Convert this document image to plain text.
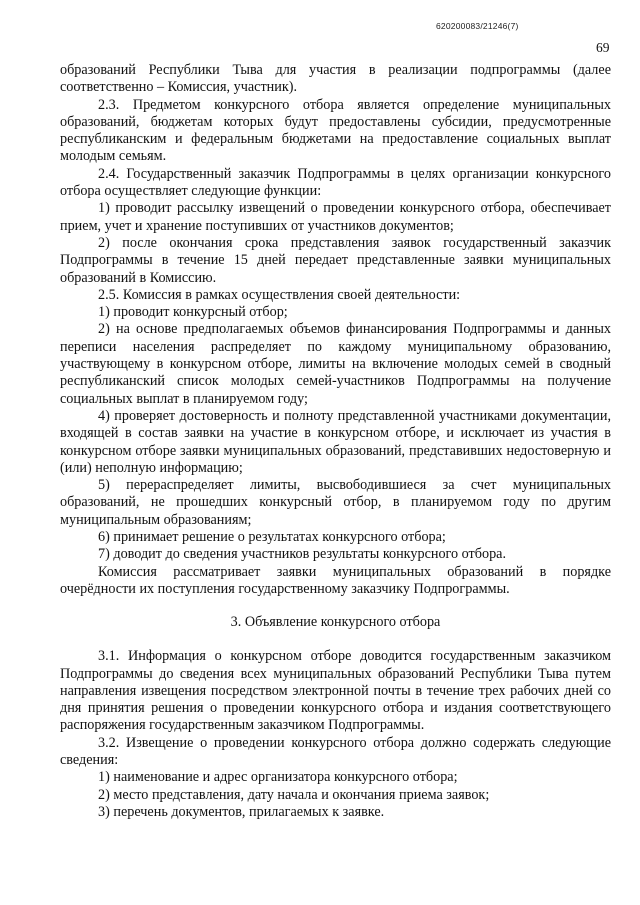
620200083/21246(7)
69

образований Республики Тыва для участия в реализации подпрограммы (далее соответственно – Комиссия, участник).

2.3. Предметом конкурсного отбора является определение муниципальных образований, бюджетам которых будут предоставлены субсидии, предусмотренные республиканским и федеральным бюджетами на предоставление социальных выплат молодым семьям.

2.4. Государственный заказчик Подпрограммы в целях организации конкурсного отбора осуществляет следующие функции:

1) проводит рассылку извещений о проведении конкурсного отбора, обеспечивает прием, учет и хранение поступивших от участников документов;

2) после окончания срока представления заявок государственный заказчик Подпрограммы в течение 15 дней передает представленные заявки муниципальных образований в Комиссию.

2.5. Комиссия в рамках осуществления своей деятельности:

1) проводит конкурсный отбор;

2) на основе предполагаемых объемов финансирования Подпрограммы и данных переписи населения распределяет по каждому муниципальному образованию, участвующему в конкурсном отборе, лимиты на включение молодых семей в сводный республиканский список молодых семей-участников Подпрограммы на получение социальных выплат в планируемом году;

4) проверяет достоверность и полноту представленной участниками документации, входящей в состав заявки на участие в конкурсном отборе, и исключает из участия в конкурсном отборе заявки муниципальных образований, представивших недостоверную и (или) неполную информацию;

5) перераспределяет лимиты, высвободившиеся за счет муниципальных образований, не прошедших конкурсный отбор, в планируемом году по другим муниципальным образованиям;

6) принимает решение о результатах конкурсного отбора;

7) доводит до сведения участников результаты конкурсного отбора.

Комиссия рассматривает заявки муниципальных образований в порядке очерёдности их поступления государственному заказчику Подпрограммы.

3. Объявление конкурсного отбора

3.1. Информация о конкурсном отборе доводится государственным заказчиком Подпрограммы до сведения всех муниципальных образований Республики Тыва путем направления извещения посредством электронной почты в течение трех рабочих дней со дня принятия решения о проведении конкурсного отбора и издания соответствующего распоряжения государственным заказчиком Подпрограммы.

3.2. Извещение о проведении конкурсного отбора должно содержать следующие сведения:

1) наименование и адрес организатора конкурсного отбора;

2) место представления, дату начала и окончания приема заявок;

3) перечень документов, прилагаемых к заявке.
